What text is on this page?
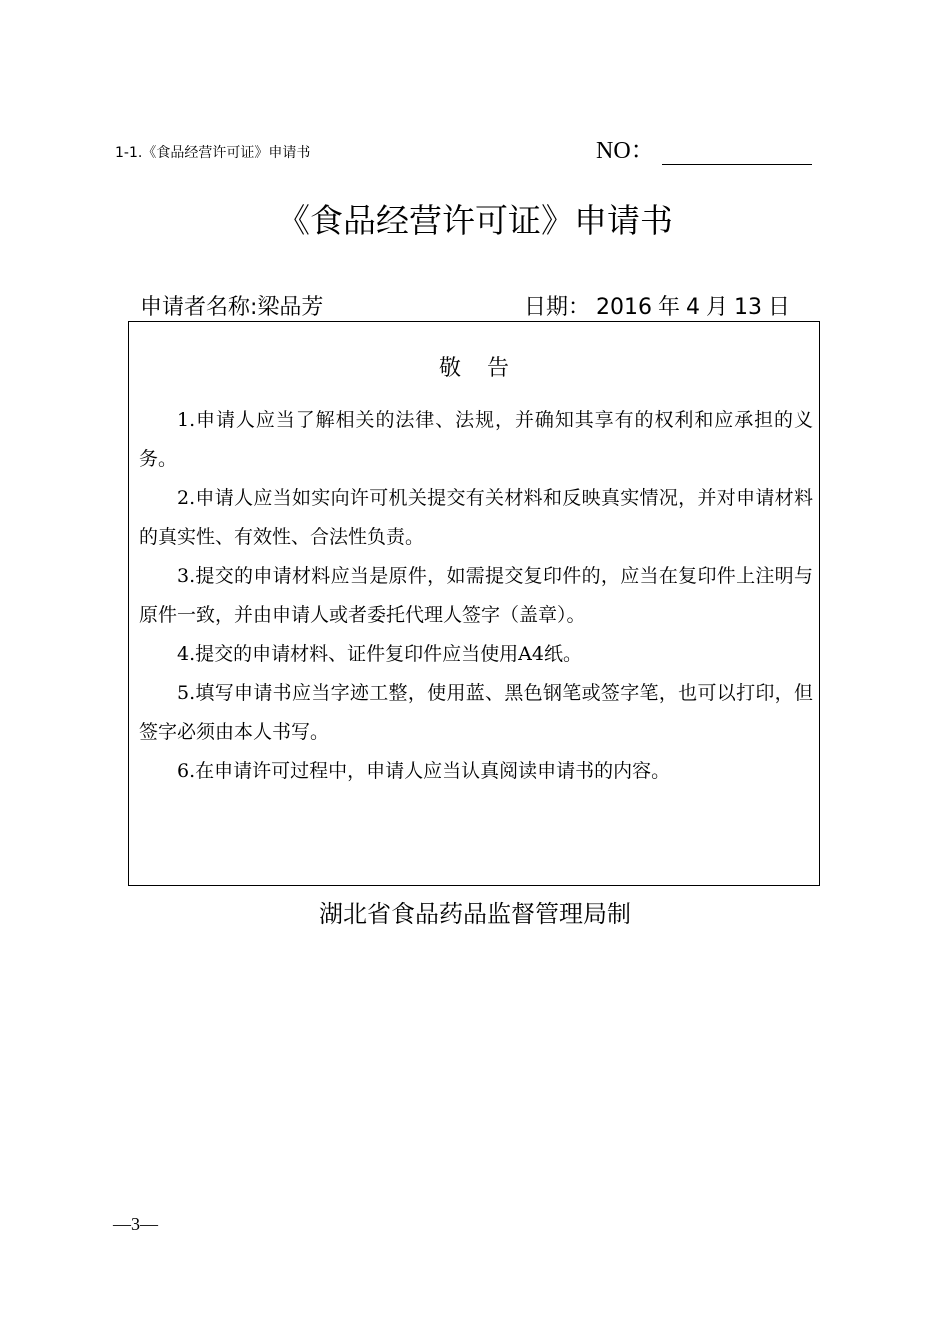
1-1.《食品经营许可证》申请书	NO：
《食品经营许可证》申请书
申请者名称:梁品芳	日期： 2016 年 4 月 13 日
敬告
1.申请人应当了解相关的法律、法规，并确知其享有的权利和应承担的义务。
2.申请人应当如实向许可机关提交有关材料和反映真实情况，并对申请材料的真实性、有效性、合法性负责。
3.提交的申请材料应当是原件，如需提交复印件的，应当在复印件上注明与原件一致，并由申请人或者委托代理人签字（盖章）。
4.提交的申请材料、证件复印件应当使用A4纸。
5.填写申请书应当字迹工整，使用蓝、黑色钢笔或签字笔，也可以打印，但签字必须由本人书写。
6.在申请许可过程中，申请人应当认真阅读申请书的内容。
湖北省食品药品监督管理局制
—3—
